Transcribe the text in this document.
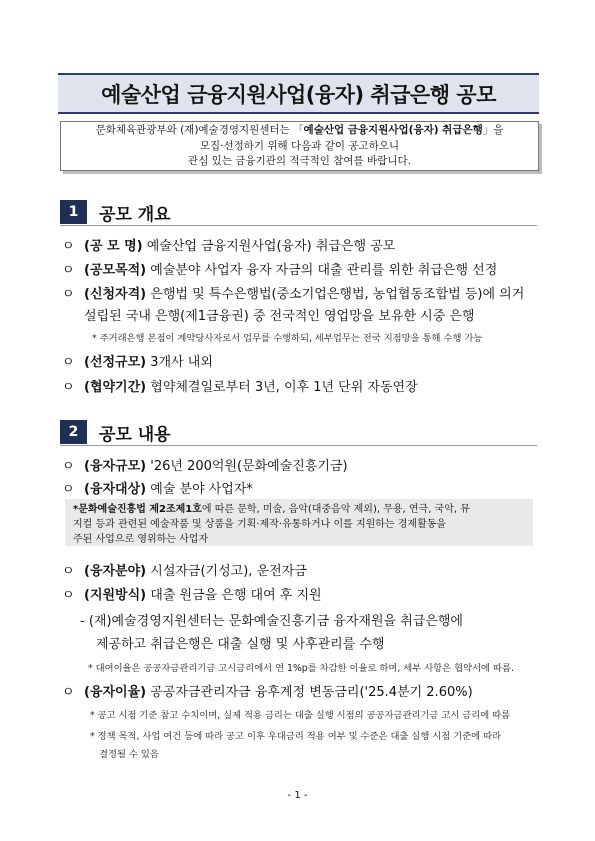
예술산업 금융지원사업(융자) 취급은행 공모
문화체육관광부와 (재)예술경영지원센터는 「예술산업 금융지원사업(융자) 취급은행」을
모집·선정하기 위해 다음과 같이 공고하오니
관심 있는 금융기관의 적극적인 참여를 바랍니다.
1	공모 개요
ㅇ (공 모 명) 예술산업 금융지원사업(융자) 취급은행 공모
ㅇ (공모목적) 예술분야 사업자 융자 자금의 대출 관리를 위한 취급은행 선정
ㅇ (신청자격) 은행법 및 특수은행법(중소기업은행법, 농업협동조합법 등)에 의거
설립된 국내 은행(제1금융권) 중 전국적인 영업망을 보유한 시중 은행
* 주거래은행 본점이 계약당사자로서 업무를 수행하되, 세부업무는 전국 지점망을 통해 수행 가능
ㅇ (선정규모) 3개사 내외
ㅇ (협약기간) 협약체결일로부터 3년, 이후 1년 단위 자동연장
2	공모 내용
ㅇ (융자규모) '26년 200억원(문화예술진흥기금)
ㅇ (융자대상) 예술 분야 사업자*
*문화예술진흥법 제2조제1호에 따른 문학, 미술, 음악(대중음악 제외), 무용, 연극, 국악, 뮤
지컬 등과 관련된 예술작품 및 상품을 기획·제작·유통하거나 이를 지원하는 경제활동을
주된 사업으로 영위하는 사업자
ㅇ (융자분야) 시설자금(기성고), 운전자금
ㅇ (지원방식) 대출 원금을 은행 대여 후 지원
- (재)예술경영지원센터는 문화예술진흥기금 융자재원을 취급은행에
제공하고 취급은행은 대출 실행 및 사후관리를 수행
* 대여이율은 공공자금관리기금 고시금리에서 연 1%p를 차감한 이율로 하며, 세부 사항은 협약서에 따름.
ㅇ (융자이율) 공공자금관리자금 융후계정 변동금리('25.4분기 2.60%)
* 공고 시점 기준 참고 수치이며, 실제 적용 금리는 대출 실행 시점의 공공자금관리기금 고시 금리에 따름
* 정책 목적, 사업 여건 등에 따라 공고 이후 우대금리 적용 여부 및 수준은 대출 실행 시점 기준에 따라
결정될 수 있음
- 1 -
